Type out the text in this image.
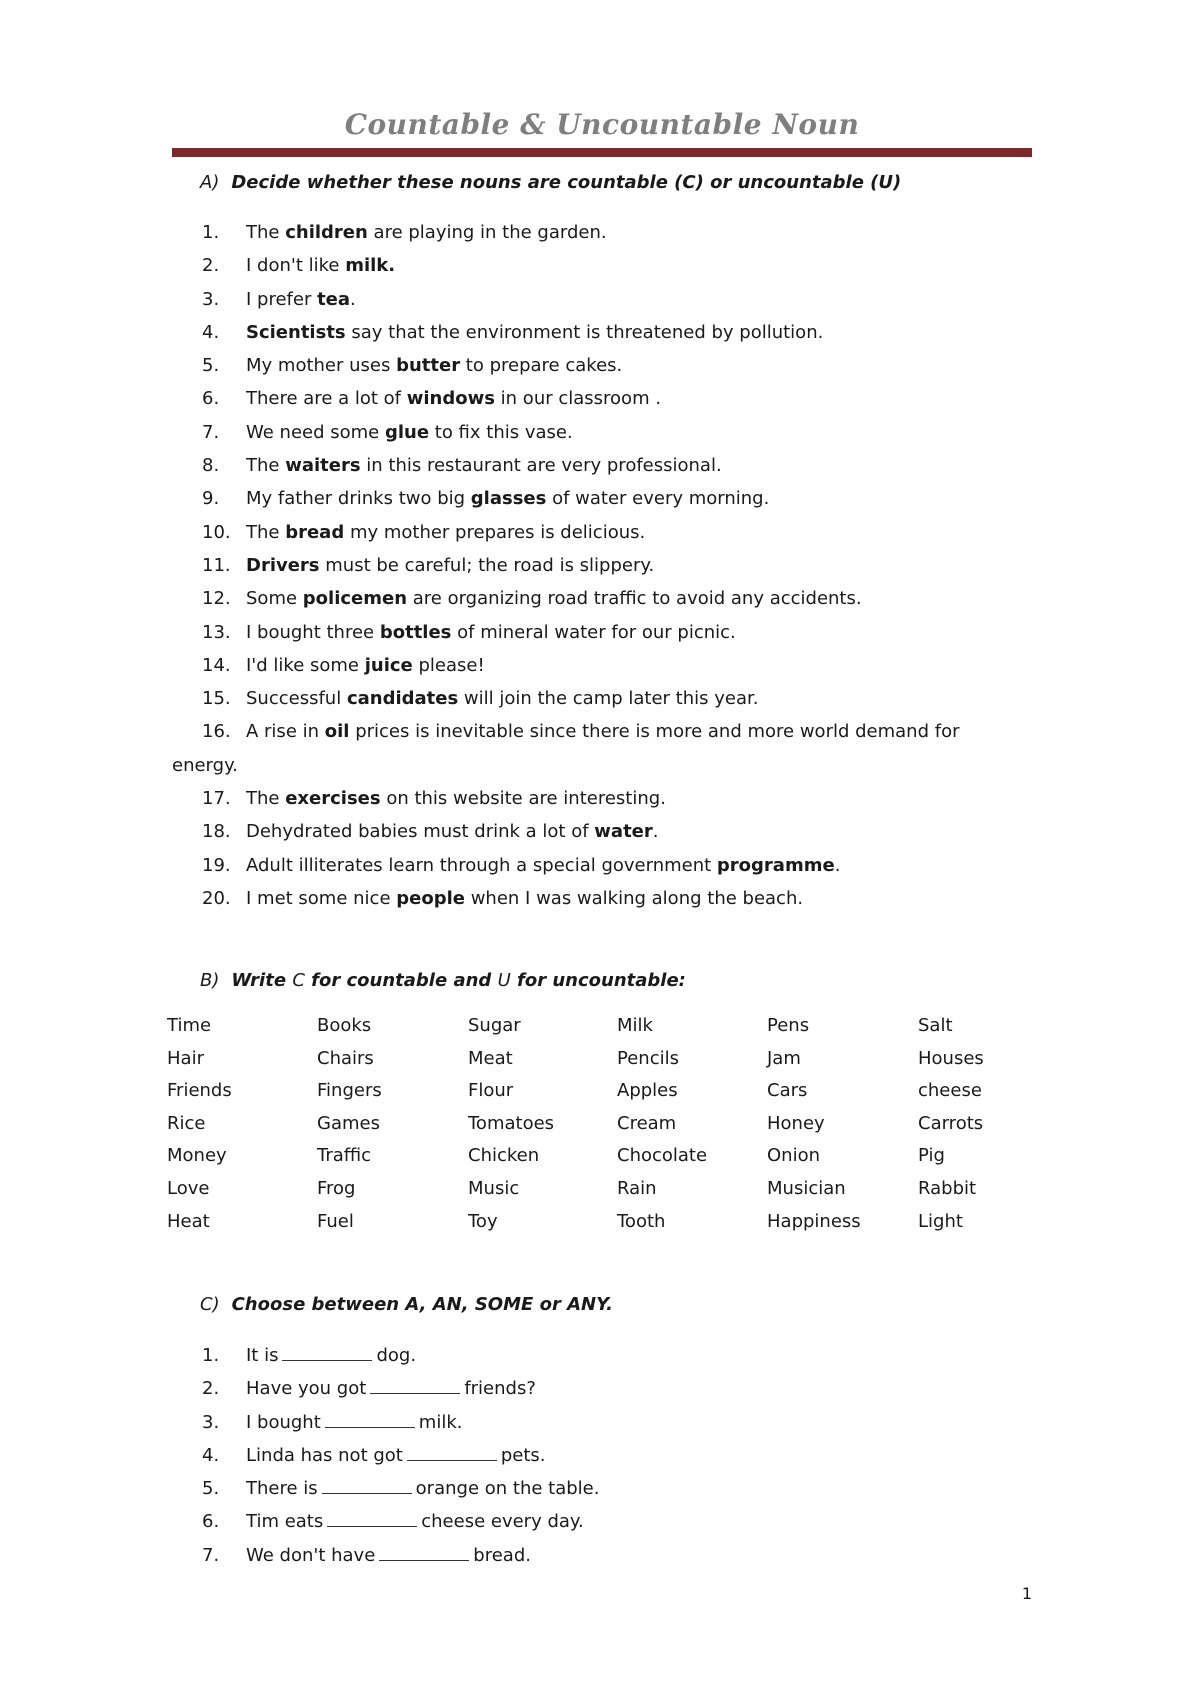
Countable & Uncountable Noun
A) Decide whether these nouns are countable (C) or uncountable (U)
1. The children are playing in the garden.
2. I don't like milk.
3. I prefer tea.
4. Scientists say that the environment is threatened by pollution.
5. My mother uses butter to prepare cakes.
6. There are a lot of windows in our classroom .
7. We need some glue to fix this vase.
8. The waiters in this restaurant are very professional.
9. My father drinks two big glasses of water every morning.
10. The bread my mother prepares is delicious.
11. Drivers must be careful; the road is slippery.
12. Some policemen are organizing road traffic to avoid any accidents.
13. I bought three bottles of mineral water for our picnic.
14. I'd like some juice please!
15. Successful candidates will join the camp later this year.
16. A rise in oil prices is inevitable since there is more and more world demand for
energy.
17. The exercises on this website are interesting.
18. Dehydrated babies must drink a lot of water.
19. Adult illiterates learn through a special government programme.
20. I met some nice people when I was walking along the beach.
B) Write C for countable and U for uncountable:
Time	Books	Sugar	Milk	Pens	Salt
Hair	Chairs	Meat	Pencils	Jam	Houses
Friends	Fingers	Flour	Apples	Cars	cheese
Rice	Games	Tomatoes	Cream	Honey	Carrots
Money	Traffic	Chicken	Chocolate	Onion	Pig
Love	Frog	Music	Rain	Musician	Rabbit
Heat	Fuel	Toy	Tooth	Happiness	Light
C) Choose between A, AN, SOME or ANY.
1. It is	dog.
2. Have you got	friends?
3. I bought	milk.
4. Linda has not got	pets.
5. There is	orange on the table.
6. Tim eats	cheese every day.
7. We don't have	bread.
1
